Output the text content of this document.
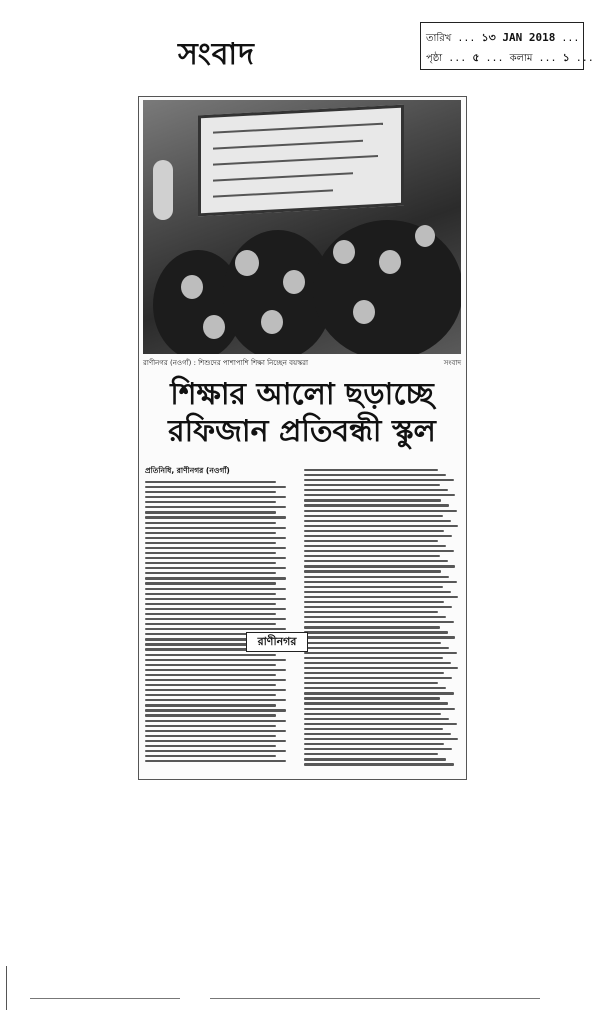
সংবাদ	তারিখ ... ১৩ JAN 2018 ...
পৃষ্ঠা ... ৫ ... কলাম ... ১ ...
রাণীনগর (নওগাঁ) : শিশুদের পাশাপাশি শিক্ষা নিচ্ছেন বয়স্করা	সংবাদ
শিক্ষার আলো ছড়াচ্ছে
রফিজান প্রতিবন্ধী স্কুল
প্রতিনিধি, রাণীনগর (নওগাঁ)
রাণীনগর
